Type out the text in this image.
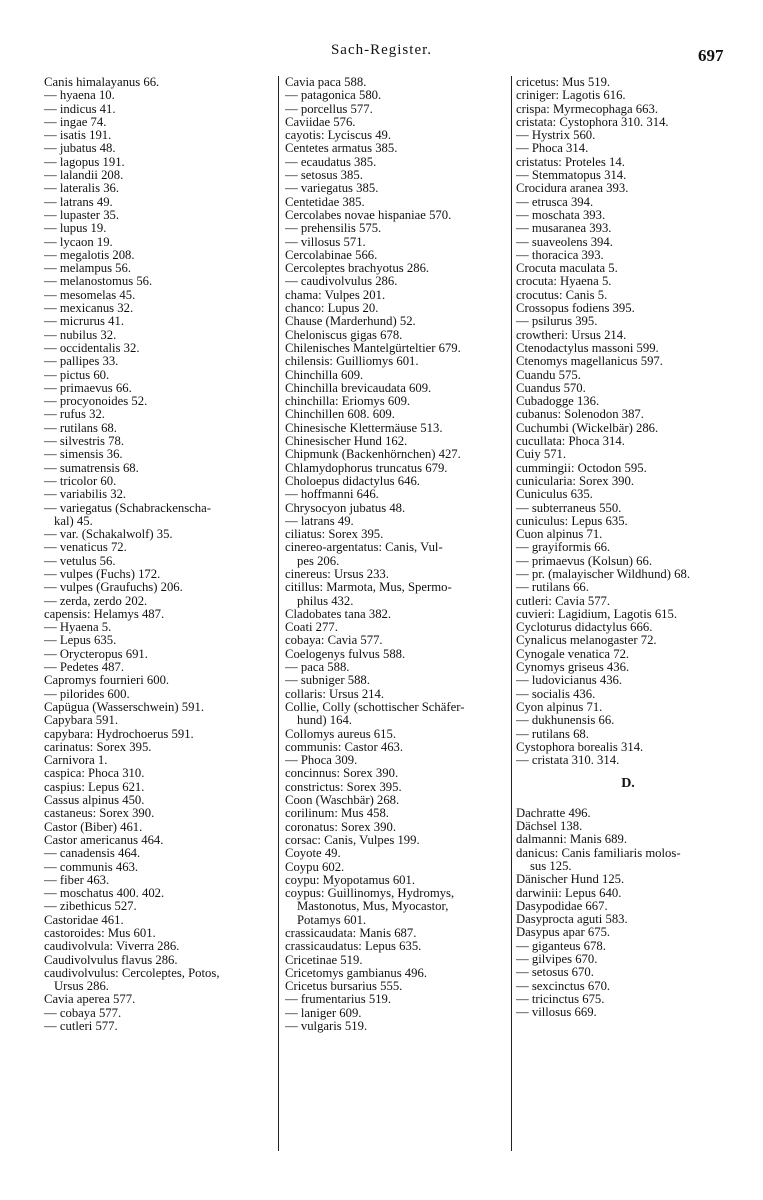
Sach-Register.	697
Canis himalayanus 66.
— hyaena 10.
— indicus 41.
— ingae 74.
— isatis 191.
— jubatus 48.
— lagopus 191.
— lalandii 208.
— lateralis 36.
— latrans 49.
— lupaster 35.
— lupus 19.
— lycaon 19.
— megalotis 208.
— melampus 56.
— melanostomus 56.
— mesomelas 45.
— mexicanus 32.
— micrurus 41.
— nubilus 32.
— occidentalis 32.
— pallipes 33.
— pictus 60.
— primaevus 66.
— procyonoides 52.
— rufus 32.
— rutilans 68.
— silvestris 78.
— simensis 36.
— sumatrensis 68.
— tricolor 60.
— variabilis 32.
— variegatus (Schabrackenscha-
kal) 45.
— var. (Schakalwolf) 35.
— venaticus 72.
— vetulus 56.
— vulpes (Fuchs) 172.
— vulpes (Graufuchs) 206.
— zerda, zerdo 202.
capensis: Helamys 487.
— Hyaena 5.
— Lepus 635.
— Orycteropus 691.
— Pedetes 487.
Capromys fournieri 600.
— pilorides 600.
Capügua (Wasserschwein) 591.
Capybara 591.
capybara: Hydrochoerus 591.
carinatus: Sorex 395.
Carnivora 1.
caspica: Phoca 310.
caspius: Lepus 621.
Cassus alpinus 450.
castaneus: Sorex 390.
Castor (Biber) 461.
Castor americanus 464.
— canadensis 464.
— communis 463.
— fiber 463.
— moschatus 400. 402.
— zibethicus 527.
Castoridae 461.
castoroides: Mus 601.
caudivolvula: Viverra 286.
Caudivolvulus flavus 286.
caudivolvulus: Cercoleptes, Potos,
Ursus 286.
Cavia aperea 577.
— cobaya 577.
— cutleri 577.
Cavia paca 588.
— patagonica 580.
— porcellus 577.
Caviidae 576.
cayotis: Lyciscus 49.
Centetes armatus 385.
— ecaudatus 385.
— setosus 385.
— variegatus 385.
Centetidae 385.
Cercolabes novae hispaniae 570.
— prehensilis 575.
— villosus 571.
Cercolabinae 566.
Cercoleptes brachyotus 286.
— caudivolvulus 286.
chama: Vulpes 201.
chanco: Lupus 20.
Chause (Marderhund) 52.
Cheloniscus gigas 678.
Chilenisches Mantelgürteltier 679.
chilensis: Guilliomys 601.
Chinchilla 609.
Chinchilla brevicaudata 609.
chinchilla: Eriomys 609.
Chinchillen 608. 609.
Chinesische Klettermäuse 513.
Chinesischer Hund 162.
Chipmunk (Backenhörnchen) 427.
Chlamydophorus truncatus 679.
Choloepus didactylus 646.
— hoffmanni 646.
Chrysocyon jubatus 48.
— latrans 49.
ciliatus: Sorex 395.
cinereo-argentatus: Canis, Vul-
pes 206.
cinereus: Ursus 233.
citillus: Marmota, Mus, Spermo-
philus 432.
Cladobates tana 382.
Coati 277.
cobaya: Cavia 577.
Coelogenys fulvus 588.
— paca 588.
— subniger 588.
collaris: Ursus 214.
Collie, Colly (schottischer Schäfer-
hund) 164.
Collomys aureus 615.
communis: Castor 463.
— Phoca 309.
concinnus: Sorex 390.
constrictus: Sorex 395.
Coon (Waschbär) 268.
corilinum: Mus 458.
coronatus: Sorex 390.
corsac: Canis, Vulpes 199.
Coyote 49.
Coypu 602.
coypu: Myopotamus 601.
coypus: Guillinomys, Hydromys,
Mastonotus, Mus, Myocastor,
Potamys 601.
crassicaudata: Manis 687.
crassicaudatus: Lepus 635.
Cricetinae 519.
Cricetomys gambianus 496.
Cricetus bursarius 555.
— frumentarius 519.
— laniger 609.
— vulgaris 519.
cricetus: Mus 519.
criniger: Lagotis 616.
crispa: Myrmecophaga 663.
cristata: Cystophora 310. 314.
— Hystrix 560.
— Phoca 314.
cristatus: Proteles 14.
— Stemmatopus 314.
Crocidura aranea 393.
— etrusca 394.
— moschata 393.
— musaranea 393.
— suaveolens 394.
— thoracica 393.
Crocuta maculata 5.
crocuta: Hyaena 5.
crocutus: Canis 5.
Crossopus fodiens 395.
— psilurus 395.
crowtheri: Ursus 214.
Ctenodactylus massoni 599.
Ctenomys magellanicus 597.
Cuandu 575.
Cuandus 570.
Cubadogge 136.
cubanus: Solenodon 387.
Cuchumbi (Wickelbär) 286.
cucullata: Phoca 314.
Cuiy 571.
cummingii: Octodon 595.
cunicularia: Sorex 390.
Cuniculus 635.
— subterraneus 550.
cuniculus: Lepus 635.
Cuon alpinus 71.
— grayiformis 66.
— primaevus (Kolsun) 66.
— pr. (malayischer Wildhund) 68.
— rutilans 66.
cutleri: Cavia 577.
cuvieri: Lagidium, Lagotis 615.
Cycloturus didactylus 666.
Cynalicus melanogaster 72.
Cynogale venatica 72.
Cynomys griseus 436.
— ludovicianus 436.
— socialis 436.
Cyon alpinus 71.
— dukhunensis 66.
— rutilans 68.
Cystophora borealis 314.
— cristata 310. 314.
D.
Dachratte 496.
Dächsel 138.
dalmanni: Manis 689.
danicus: Canis familiaris molos-
sus 125.
Dänischer Hund 125.
darwinii: Lepus 640.
Dasypodidae 667.
Dasyprocta aguti 583.
Dasypus apar 675.
— giganteus 678.
— gilvipes 670.
— setosus 670.
— sexcinctus 670.
— tricinctus 675.
— villosus 669.
